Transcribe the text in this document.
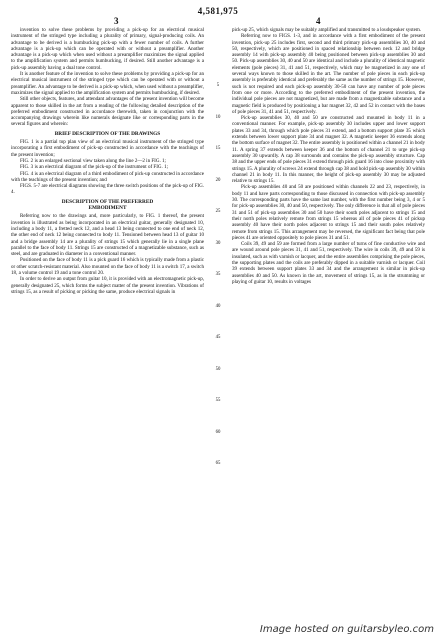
4,581,975
3	4

invention to solve these problems by providing a pick-up for an electrical musical instrument of the stringed type including a plurality of primary, signal-producing coils. An advantage to be derived is a humbucking pick-up with a fewer number of coils. A further advantage is a pick-up which can be operated with or without a preamplifier. Another advantage is a pick-up which when used without a preamplifier maximizes the signal applied to the amplification system and permits humbucking, if desired. Still another advantage is a pick-up assembly having a dual tone control.

It is another feature of the invention to solve these problems by providing a pick-up for an electrical musical instrument of the stringed type which can be operated with or without a preamplifier. An advantage to be derived is a pick-up which, when used without a preamplifier, maximizes the signal applied to the amplification system and permits humbucking, if desired.

Still other objects, features, and attendant advantages of the present invention will become apparent to those skilled in the art from a reading of the following detailed description of the preferred embodiment constructed in accordance therewith, taken in conjunction with the accompanying drawings wherein like numerals designate like or corresponding parts in the several figures and wherein:

BRIEF DESCRIPTION OF THE DRAWINGS

FIG. 1 is a partial top plan view of an electrical musical instrument of the stringed type incorporating a first embodiment of pick-up constructed in accordance with the teachings of the present invention;

FIG. 2 is an enlarged sectional view taken along the line 2—2 in FIG. 1;

FIG. 3 is an electrical diagram of the pick-up of the instrument of FIG. 1;

FIG. 4 is an electrical diagram of a third embodiment of pick-up constructed in accordance with the teachings of the present invention; and

FIGS. 5-7 are electrical diagrams showing the three switch positions of the pick-up of FIG. 4.

DESCRIPTION OF THE PREFERRED
EMBODIMENT

Referring now to the drawings and, more particularly, to FIG. 1 thereof, the present invention is illustrated as being incorporated in an electrical guitar, generally designated 10, including a body 11, a fretted neck 12, and a head 13 being connected to one end of neck 12, the other end of neck 12 being connected to body 11. Tensioned between head 13 of guitar 10 and a bridge assembly 14 are a plurality of strings 15 which generally lie in a single plane parallel to the face of body 11. Strings 15 are constructed of a magnetizable substance, such as steel, and are graduated in diameter in a conventional manner.

Positioned on the face of body 11 is a pick guard 16 which is typically made from a plastic or other scratch-resistant material. Also mounted on the face of body 11 is a switch 17, a switch 18, a volume control 19 and a tone control 20.

In order to derive an output from guitar 10, it is provided with an electromagnetic pick-up, generally designated 25, which forms the subject matter of the present invention. Vibrations of strings 15, as a result of picking or picking the same, produce electrical signals in

5
10
15
20
25
30
35
40
45
50
55
60
65

pick-up 25, which signals may be suitably amplified and transmitted to a loudspeaker system.

Referring now to FIGS. 1-3, and in accordance with a first embodiment of the present invention, pick-up 25 includes first, second and third primary pick-up assemblies 30, 40 and 50, respectively, which are positioned in spaced relationship between neck 12 and bridge assembly 14 with pick-up assembly 40 being positioned between pick-up assemblies 30 and 50. Pick-up assemblies 30, 40 and 50 are identical and include a plurality of identical magnetic elements (pole pieces) 31, 41 and 51, respectively, which may be magnetized in any one of several ways known to those skilled in the art. The number of pole pieces in each pick-up assembly is preferably identical and preferably the same as the number of strings 15. However, such is not required and each pick-up assembly 30-50 can have any number of pole pieces from one or more. According to the preferred embodiment of the present invention, the individual pole pieces are not magnetized, but are made from a magnetizable substance and a magnetic field is produced by positioning a bar magnet 32, 42 and 52 in contact with the bases of pole pieces 31, 41 and 51, respectively.

Pick-up assemblies 30, 40 and 50 are constructed and mounted in body 11 in a conventional manner. For example, pick-up assembly 30 includes upper and lower support plates 33 and 34, through which pole pieces 31 extend, and a bottom support plate 35 which extends between lower support plate 34 and magnet 32. A magnetic keeper 36 extends along the bottom surface of magnet 32. The entire assembly is positioned within a channel 21 in body 11. A spring 37 extends between keeper 36 and the bottom of channel 21 to urge pick-up assembly 30 upwardly. A cap 38 surrounds and contains the pick-up assembly structure. Cap 38 and the upper ends of pole pieces 31 extend through pick guard 16 into close proximity with strings 15. A plurality of screws 24 extend through cap 38 and hold pick-up assembly 30 within channel 21 in body 11. In this manner, the height of pick-up assembly 30 may be adjusted relative to strings 15.

Pick-up assemblies 40 and 50 are positioned within channels 22 and 23, respectively, in body 11 and have parts corresponding to those discussed in connection with pick-up assembly 30. The corresponding parts have the same last number, with the first number being 3, 4 or 5 for pick-up assemblies 30, 40 and 50, respectively. The only difference is that all of pole pieces 31 and 51 of pick-up assemblies 30 and 50 have their south poles adjacent to strings 15 and their north poles relatively remote from strings 15 whereas all of pole pieces 41 of pickup assembly 40 have their north poles adjacent to strings 15 and their south poles relatively remote from strings 15. This arrangement may be reversed, the significant fact being that pole pieces 41 are oriented oppositely to pole pieces 31 and 51.

Coils 39, 49 and 59 are formed from a large number of turns of fine conductive wire and are wound around pole pieces 31, 41 and 51, respectively. The wire in coils 39, 49 and 59 is insulated, such as with varnish or lacquer, and the entire assemblies comprising the pole pieces, the supporting plates and the coils are preferably dipped in a suitable varnish or lacquer. Coil 39 extends between support plates 33 and 34 and the arrangement is similar in pick-up assemblies 40 and 50. As known in the art, movement of strings 15, as in the strumming or playing of guitar 10, results in voltages

Image hosted on guitarsbyleo.com
